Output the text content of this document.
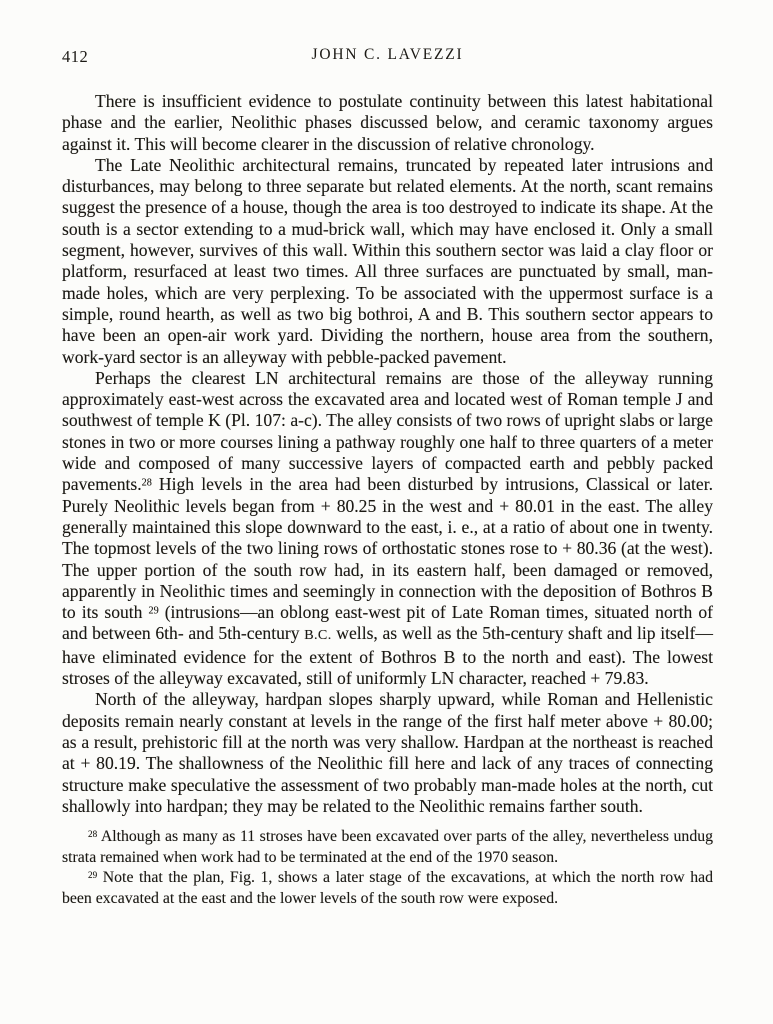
412	JOHN C. LAVEZZI

There is insufficient evidence to postulate continuity between this latest habitational phase and the earlier, Neolithic phases discussed below, and ceramic taxonomy argues against it. This will become clearer in the discussion of relative chronology.

The Late Neolithic architectural remains, truncated by repeated later intrusions and disturbances, may belong to three separate but related elements. At the north, scant remains suggest the presence of a house, though the area is too destroyed to indicate its shape. At the south is a sector extending to a mud-brick wall, which may have enclosed it. Only a small segment, however, survives of this wall. Within this southern sector was laid a clay floor or platform, resurfaced at least two times. All three surfaces are punctuated by small, man-made holes, which are very perplexing. To be associated with the uppermost surface is a simple, round hearth, as well as two big bothroi, A and B. This southern sector appears to have been an open-air work yard. Dividing the northern, house area from the southern, work-yard sector is an alleyway with pebble-packed pavement.

Perhaps the clearest LN architectural remains are those of the alleyway running approximately east-west across the excavated area and located west of Roman temple J and southwest of temple K (Pl. 107: a-c). The alley consists of two rows of upright slabs or large stones in two or more courses lining a pathway roughly one half to three quarters of a meter wide and composed of many successive layers of compacted earth and pebbly packed pavements.$^{28}$ High levels in the area had been disturbed by intrusions, Classical or later. Purely Neolithic levels began from + 80.25 in the west and + 80.01 in the east. The alley generally maintained this slope downward to the east, i. e., at a ratio of about one in twenty. The topmost levels of the two lining rows of orthostatic stones rose to + 80.36 (at the west). The upper portion of the south row had, in its eastern half, been damaged or removed, apparently in Neolithic times and seemingly in connection with the deposition of Bothros B to its south $^{29}$ (intrusions—an oblong east-west pit of Late Roman times, situated north of and between 6th- and 5th-century B.C. wells, as well as the 5th-century shaft and lip itself—have eliminated evidence for the extent of Bothros B to the north and east). The lowest stroses of the alleyway excavated, still of uniformly LN character, reached + 79.83.

North of the alleyway, hardpan slopes sharply upward, while Roman and Hellenistic deposits remain nearly constant at levels in the range of the first half meter above + 80.00; as a result, prehistoric fill at the north was very shallow. Hardpan at the northeast is reached at + 80.19. The shallowness of the Neolithic fill here and lack of any traces of connecting structure make speculative the assessment of two probably man-made holes at the north, cut shallowly into hardpan; they may be related to the Neolithic remains farther south.

$^{28}$ Although as many as 11 stroses have been excavated over parts of the alley, nevertheless undug strata remained when work had to be terminated at the end of the 1970 season.

$^{29}$ Note that the plan, Fig. 1, shows a later stage of the excavations, at which the north row had been excavated at the east and the lower levels of the south row were exposed.
